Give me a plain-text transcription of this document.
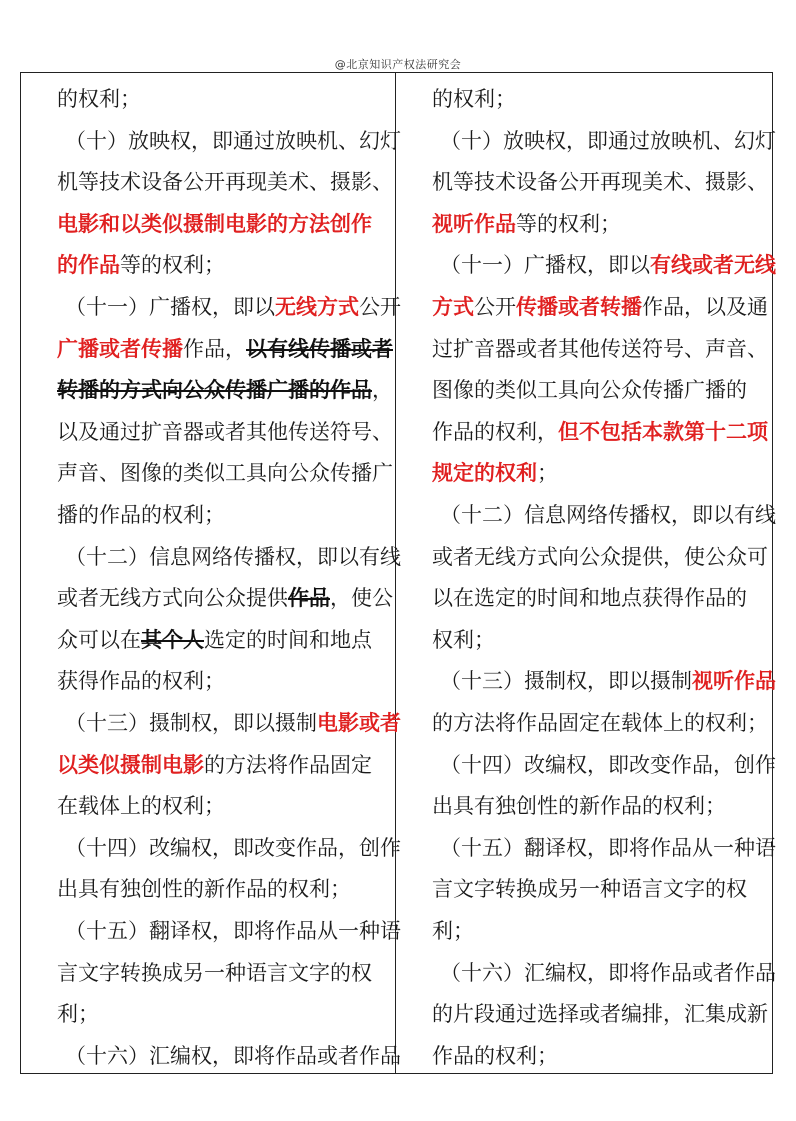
@北京知识产权法研究会
的权利；
（十）放映权，即通过放映机、幻灯
机等技术设备公开再现美术、摄影、
电影和以类似摄制电影的方法创作
的作品等的权利；
（十一）广播权，即以无线方式公开
广播或者传播作品，以有线传播或者
转播的方式向公众传播广播的作品，
以及通过扩音器或者其他传送符号、
声音、图像的类似工具向公众传播广
播的作品的权利；
（十二）信息网络传播权，即以有线
或者无线方式向公众提供作品，使公
众可以在其个人选定的时间和地点
获得作品的权利；
（十三）摄制权，即以摄制电影或者
以类似摄制电影的方法将作品固定
在载体上的权利；
（十四）改编权，即改变作品，创作
出具有独创性的新作品的权利；
（十五）翻译权，即将作品从一种语
言文字转换成另一种语言文字的权
利；
（十六）汇编权，即将作品或者作品
的权利；
（十）放映权，即通过放映机、幻灯
机等技术设备公开再现美术、摄影、
视听作品等的权利；
（十一）广播权，即以有线或者无线
方式公开传播或者转播作品，以及通
过扩音器或者其他传送符号、声音、
图像的类似工具向公众传播广播的
作品的权利，但不包括本款第十二项
规定的权利；
（十二）信息网络传播权，即以有线
或者无线方式向公众提供，使公众可
以在选定的时间和地点获得作品的
权利；
（十三）摄制权，即以摄制视听作品
的方法将作品固定在载体上的权利；
（十四）改编权，即改变作品，创作
出具有独创性的新作品的权利；
（十五）翻译权，即将作品从一种语
言文字转换成另一种语言文字的权
利；
（十六）汇编权，即将作品或者作品
的片段通过选择或者编排，汇集成新
作品的权利；
